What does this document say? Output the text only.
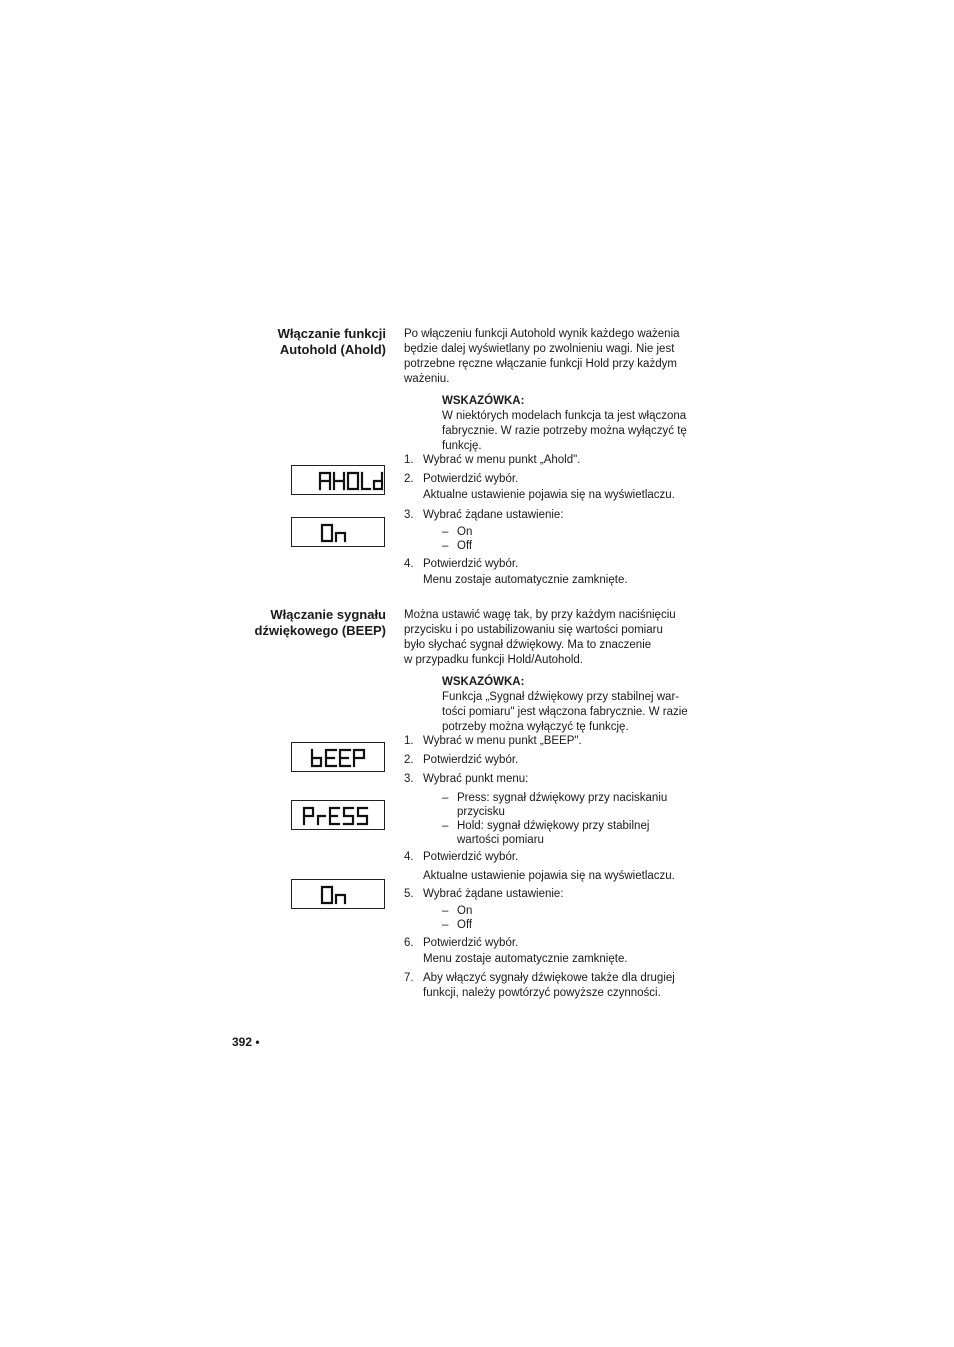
Włączanie funkcji
Autohold (Ahold)
Po włączeniu funkcji Autohold wynik każdego ważenia
będzie dalej wyświetlany po zwolnieniu wagi. Nie jest
potrzebne ręczne włączanie funkcji Hold przy każdym
ważeniu.
WSKAZÓWKA:
W niektórych modelach funkcja ta jest włączona
fabrycznie. W razie potrzeby można wyłączyć tę
funkcję.
1. Wybrać w menu punkt „Ahold".
2. Potwierdzić wybór.
Aktualne ustawienie pojawia się na wyświetlaczu.
3. Wybrać żądane ustawienie:
– On
– Off
4. Potwierdzić wybór.
Menu zostaje automatycznie zamknięte.
Włączanie sygnału
dźwiękowego (BEEP)
Można ustawić wagę tak, by przy każdym naciśnięciu
przycisku i po ustabilizowaniu się wartości pomiaru
było słychać sygnał dźwiękowy. Ma to znaczenie
w przypadku funkcji Hold/Autohold.
WSKAZÓWKA:
Funkcja „Sygnał dźwiękowy przy stabilnej war-
tości pomiaru" jest włączona fabrycznie. W razie
potrzeby można wyłączyć tę funkcję.
1. Wybrać w menu punkt „BEEP".
2. Potwierdzić wybór.
3. Wybrać punkt menu:
– Press: sygnał dźwiękowy przy naciskaniu
przycisku
– Hold: sygnał dźwiękowy przy stabilnej
wartości pomiaru
4. Potwierdzić wybór.
Aktualne ustawienie pojawia się na wyświetlaczu.
5. Wybrać żądane ustawienie:
– On
– Off
6. Potwierdzić wybór.
Menu zostaje automatycznie zamknięte.
7. Aby włączyć sygnały dźwiękowe także dla drugiej
funkcji, należy powtórzyć powyższe czynności.
392 •
